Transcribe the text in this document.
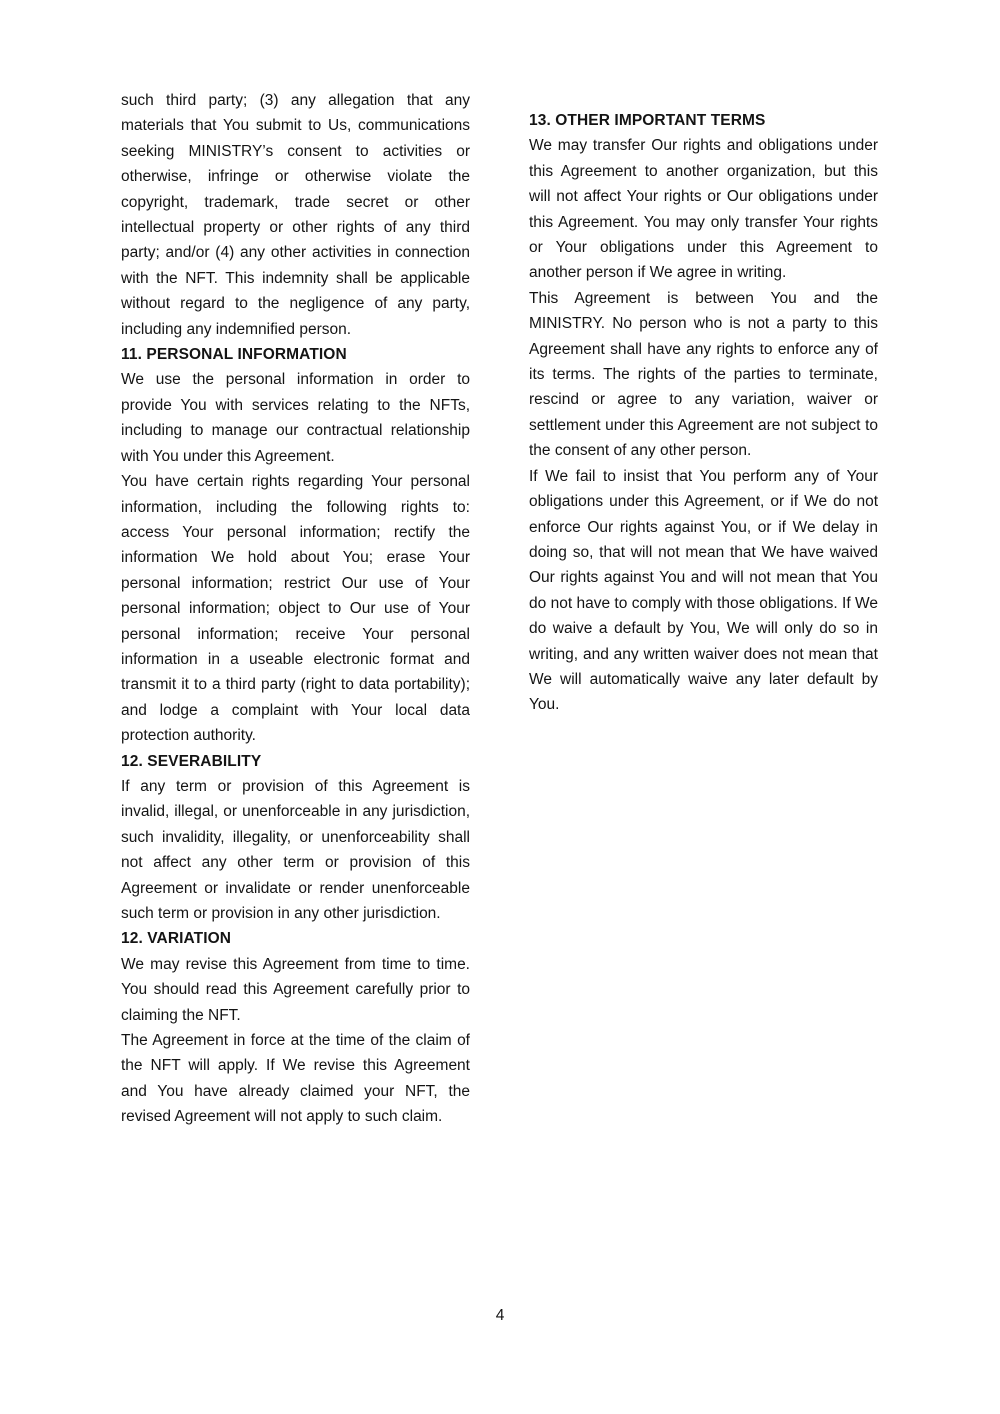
such third party; (3) any allegation that any materials that You submit to Us, communications seeking MINISTRY’s consent to activities or otherwise, infringe or otherwise violate the copyright, trademark, trade secret or other intellectual property or other rights of any third party; and/or (4) any other activities in connection with the NFT. This indemnity shall be applicable without regard to the negligence of any party, including any indemnified person.

11. PERSONAL INFORMATION

We use the personal information in order to provide You with services relating to the NFTs, including to manage our contractual relationship with You under this Agreement.

You have certain rights regarding Your personal information, including the following rights to: access Your personal information; rectify the information We hold about You; erase Your personal information; restrict Our use of Your personal information; object to Our use of Your personal information; receive Your personal information in a useable electronic format and transmit it to a third party (right to data portability); and lodge a complaint with Your local data protection authority.

12. SEVERABILITY

If any term or provision of this Agreement is invalid, illegal, or unenforceable in any jurisdiction, such invalidity, illegality, or unenforceability shall not affect any other term or provision of this Agreement or invalidate or render unenforceable such term or provision in any other jurisdiction.

12. VARIATION

We may revise this Agreement from time to time. You should read this Agreement carefully prior to claiming the NFT.

The Agreement in force at the time of the claim of the NFT will apply. If We revise this Agreement and You have already claimed your NFT, the revised Agreement will not apply to such claim.

13. OTHER IMPORTANT TERMS

We may transfer Our rights and obligations under this Agreement to another organization, but this will not affect Your rights or Our obligations under this Agreement. You may only transfer Your rights or Your obligations under this Agreement to another person if We agree in writing.

This Agreement is between You and the MINISTRY. No person who is not a party to this Agreement shall have any rights to enforce any of its terms. The rights of the parties to terminate, rescind or agree to any variation, waiver or settlement under this Agreement are not subject to the consent of any other person.

If We fail to insist that You perform any of Your obligations under this Agreement, or if We do not enforce Our rights against You, or if We delay in doing so, that will not mean that We have waived Our rights against You and will not mean that You do not have to comply with those obligations. If We do waive a default by You, We will only do so in writing, and any written waiver does not mean that We will automatically waive any later default by You.

4
